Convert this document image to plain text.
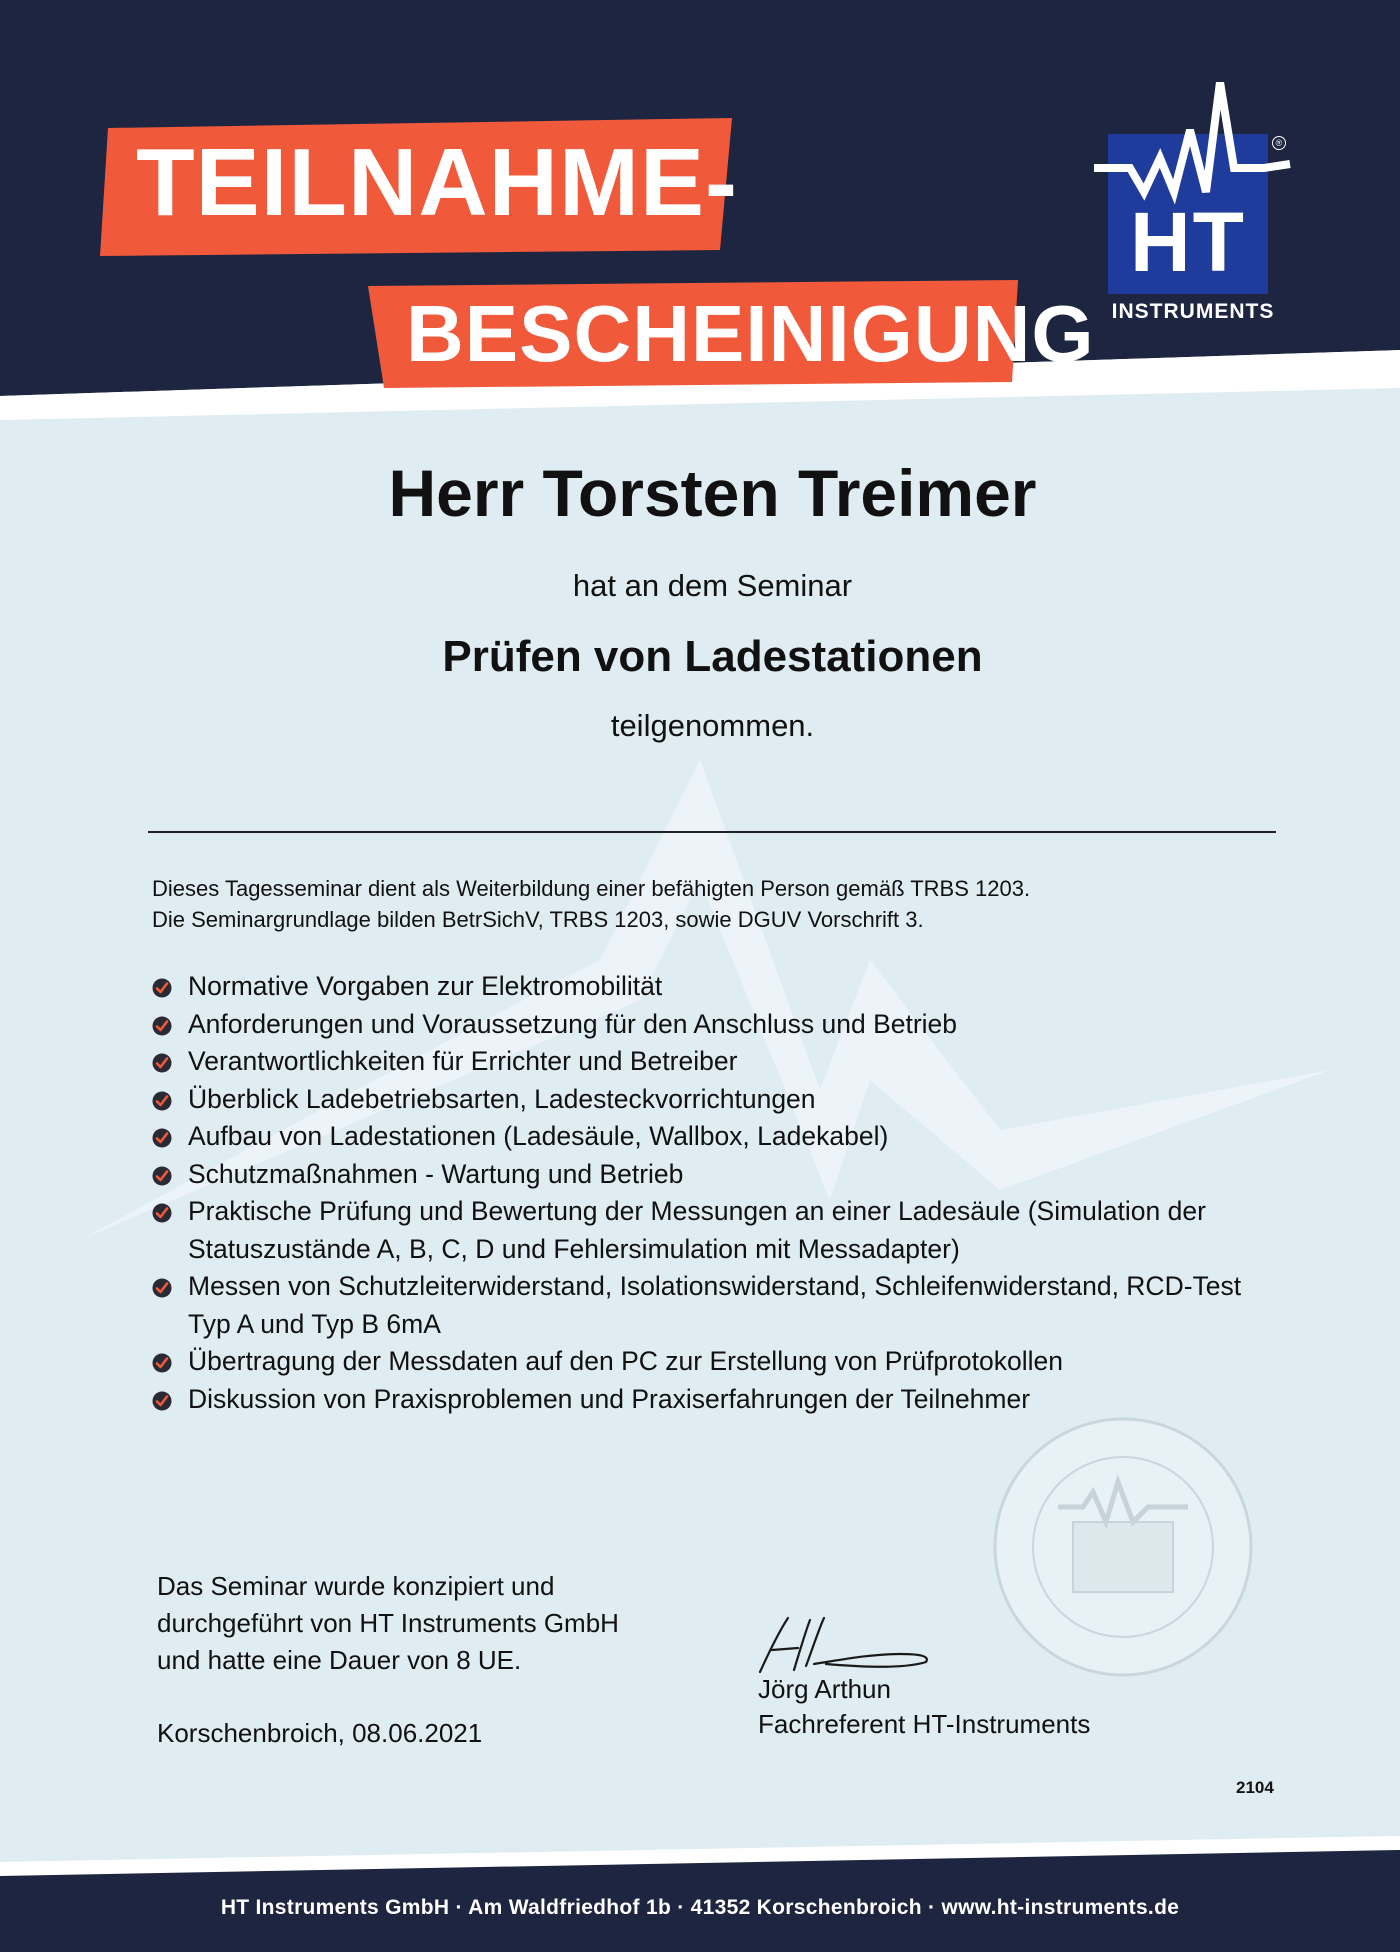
TEILNAHME-
BESCHEINIGUNG
®
HT
INSTRUMENTS
Herr Torsten Treimer
hat an dem Seminar
Prüfen von Ladestationen
teilgenommen.

Dieses Tagesseminar dient als Weiterbildung einer befähigten Person gemäß TRBS 1203.

Die Seminargrundlage bilden BetrSichV, TRBS 1203, sowie DGUV Vorschrift 3.

Normative Vorgaben zur Elektromobilität
Anforderungen und Voraussetzung für den Anschluss und Betrieb
Verantwortlichkeiten für Errichter und Betreiber
Überblick Ladebetriebsarten, Ladesteckvorrichtungen
Aufbau von Ladestationen (Ladesäule, Wallbox, Ladekabel)
Schutzmaßnahmen - Wartung und Betrieb
Praktische Prüfung und Bewertung der Messungen an einer Ladesäule (Simulation der Statuszustände A, B, C, D und Fehlersimulation mit Messadapter)
Messen von Schutzleiterwiderstand, Isolationswiderstand, Schleifenwiderstand, RCD-Test Typ A und Typ B 6mA
Übertragung der Messdaten auf den PC zur Erstellung von Prüfprotokollen
Diskussion von Praxisproblemen und Praxiserfahrungen der Teilnehmer

Das Seminar wurde konzipiert und

durchgeführt von HT Instruments GmbH

und hatte eine Dauer von 8 UE.

Korschenbroich, 08.06.2021

Jörg Arthun

Fachreferent HT-Instruments

2104
HT Instruments GmbH · Am Waldfriedhof 1b · 41352 Korschenbroich · www.ht-instruments.de
